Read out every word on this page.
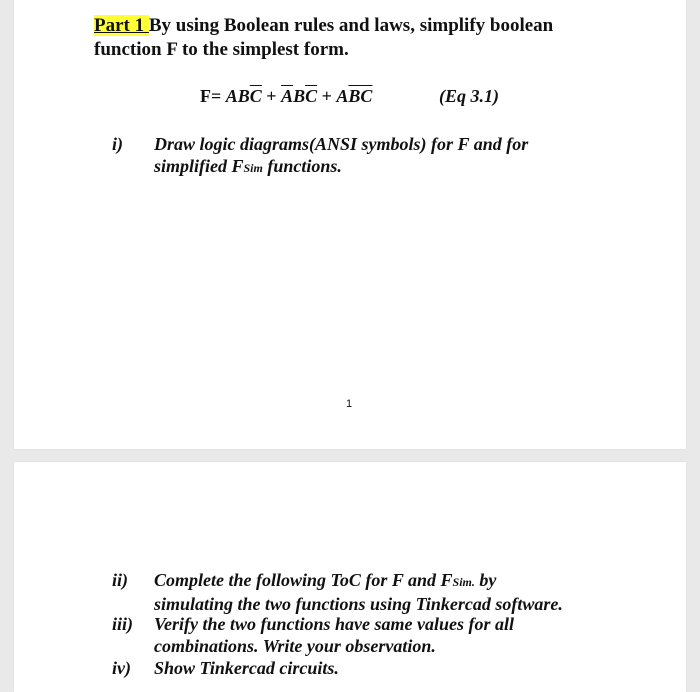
Part 1 By using Boolean rules and laws, simplify boolean
function F to the simplest form.
$F= AB\overline{C} + \overline{A}B\overline{C} + A\overline{BC}$	(Eq 3.1)
i)	Draw logic diagrams(ANSI symbols) for F and for
simplified FSim functions.
1
ii)	Complete the following ToC for F and FSim. by
simulating the two functions using Tinkercad software.
iii)	Verify the two functions have same values for all
combinations. Write your observation.
iv)	Show Tinkercad circuits.
